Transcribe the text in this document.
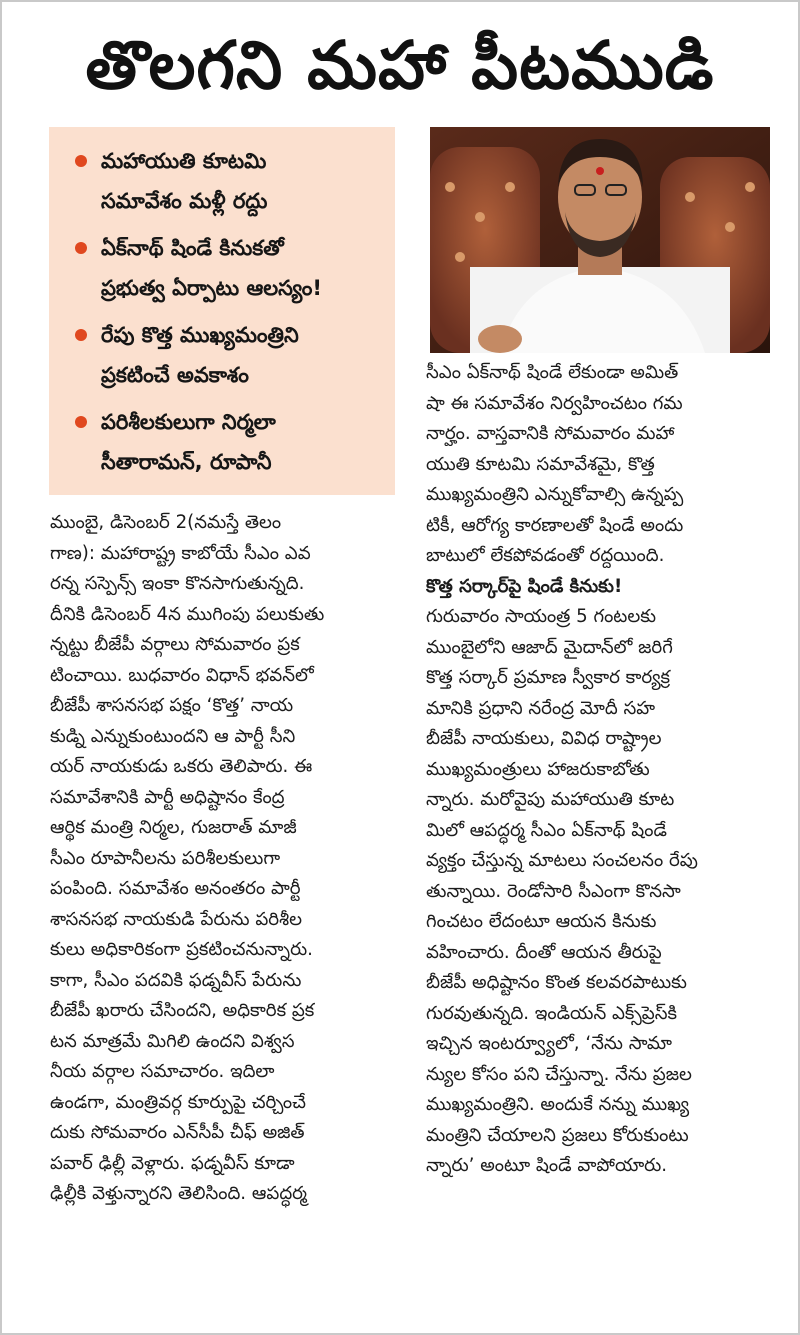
తొలగని మహా పీటముడి
మహాయుతి కూటమి
సమావేశం మళ్లీ రద్దు
ఏక్‌నాథ్‌ షిండే కినుకతో
ప్రభుత్వ ఏర్పాటు ఆలస్యం!
రేపు కొత్త ముఖ్యమంత్రిని
ప్రకటించే అవకాశం
పరిశీలకులుగా నిర్మలా
సీతారామన్‌, రూపానీ
ముంబై, డిసెంబర్‌ 2(నమస్తే తెలం
గాణ): మహారాష్ట్ర కాబోయే సీఎం ఎవ
రన్న సస్పెన్స్‌ ఇంకా కొనసాగుతున్నది.
దీనికి డిసెంబర్‌ 4న ముగింపు పలుకుతు
న్నట్టు బీజేపీ వర్గాలు సోమవారం ప్రక
టించాయి. బుధవారం విధాన్‌ భవన్‌లో
బీజేపీ శాసనసభ పక్షం ‘కొత్త’ నాయ
కుడ్ని ఎన్నుకుంటుందని ఆ పార్టీ సీని
యర్‌ నాయకుడు ఒకరు తెలిపారు. ఈ
సమావేశానికి పార్టీ అధిష్టానం కేంద్ర
ఆర్థిక మంత్రి నిర్మల, గుజరాత్‌ మాజీ
సీఎం రూపానీలను పరిశీలకులుగా
పంపింది. సమావేశం అనంతరం పార్టీ
శాసనసభ నాయకుడి పేరును పరిశీల
కులు అధికారికంగా ప్రకటించనున్నారు.
కాగా, సీఎం పదవికి ఫడ్నవీస్‌ పేరును
బీజేపీ ఖరారు చేసిందని, అధికారిక ప్రక
టన మాత్రమే మిగిలి ఉందని విశ్వస
నీయ వర్గాల సమాచారం. ఇదిలా
ఉండగా, మంత్రివర్గ కూర్పుపై చర్చించే
దుకు సోమవారం ఎన్‌సీపీ చీఫ్‌ అజిత్‌
పవార్‌ ఢిల్లీ వెళ్లారు. ఫడ్నవీస్‌ కూడా
ఢిల్లీకి వెళ్తున్నారని తెలిసింది. ఆపద్ధర్మ
సీఎం ఏక్‌నాథ్‌ షిండే లేకుండా అమిత్‌
షా ఈ సమావేశం నిర్వహించటం గమ
నార్హం. వాస్తవానికి సోమవారం మహా
యుతి కూటమి సమావేశమై, కొత్త
ముఖ్యమంత్రిని ఎన్నుకోవాల్సి ఉన్నప్ప
టికీ, ఆరోగ్య కారణాలతో షిండే అందు
బాటులో లేకపోవడంతో రద్దయింది.
కొత్త సర్కార్‌పై షిండే కినుకు!
గురువారం సాయంత్ర 5 గంటలకు
ముంబైలోని ఆజాద్‌ మైదాన్‌లో జరిగే
కొత్త సర్కార్‌ ప్రమాణ స్వీకార కార్యక్ర
మానికి ప్రధాని నరేంద్ర మోదీ సహ
బీజేపీ నాయకులు, వివిధ రాష్ట్రాల
ముఖ్యమంత్రులు హాజరుకాబోతు
న్నారు. మరోవైపు మహాయుతి కూట
మిలో ఆపద్ధర్మ సీఎం ఏక్‌నాథ్‌ షిండే
వ్యక్తం చేస్తున్న మాటలు సంచలనం రేపు
తున్నాయి. రెండోసారి సీఎంగా కొనసా
గించటం లేదంటూ ఆయన కినుకు
వహించారు. దీంతో ఆయన తీరుపై
బీజేపీ అధిష్టానం కొంత కలవరపాటుకు
గురవుతున్నది. ఇండియన్‌ ఎక్స్‌ప్రెస్‌కి
ఇచ్చిన ఇంటర్వ్యూలో, ‘నేను సామా
న్యుల కోసం పని చేస్తున్నా. నేను ప్రజల
ముఖ్యమంత్రిని. అందుకే నన్ను ముఖ్య
మంత్రిని చేయాలని ప్రజలు కోరుకుంటు
న్నారు’ అంటూ షిండే వాపోయారు.
